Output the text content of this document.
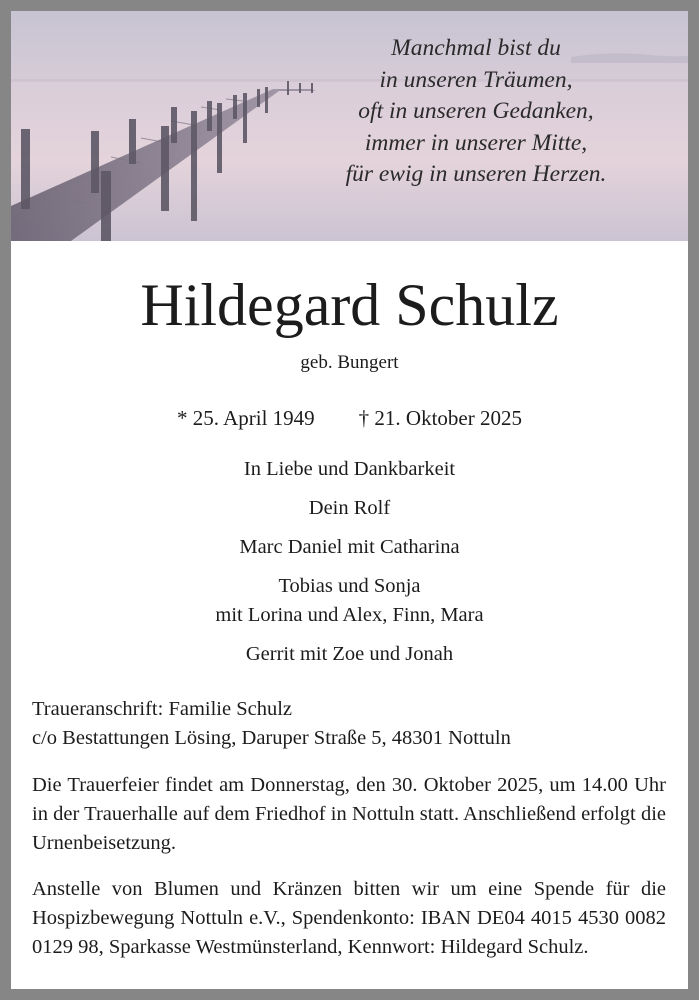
Manchmal bist du
in unseren Träumen,
oft in unseren Gedanken,
immer in unserer Mitte,
für ewig in unseren Herzen.
Hildegard Schulz
geb. Bungert
* 25. April 1949 † 21. Oktober 2025
In Liebe und Dankbarkeit
Dein Rolf
Marc Daniel mit Catharina
Tobias und Sonja
mit Lorina und Alex, Finn, Mara
Gerrit mit Zoe und Jonah

Traueranschrift: Familie Schulz

c/o Bestattungen Lösing, Daruper Straße 5, 48301 Nottuln

Die Trauerfeier findet am Donnerstag, den 30. Oktober 2025, um 14.00 Uhr in der Trauerhalle auf dem Friedhof in Nottuln statt. Anschließend erfolgt die Urnenbeisetzung.
Anstelle von Blumen und Kränzen bitten wir um eine Spende für die Hospizbewegung Nottuln e.V., Spendenkonto: IBAN DE04 4015 4530 0082 0129 98, Sparkasse Westmünsterland, Kennwort: Hildegard Schulz.
